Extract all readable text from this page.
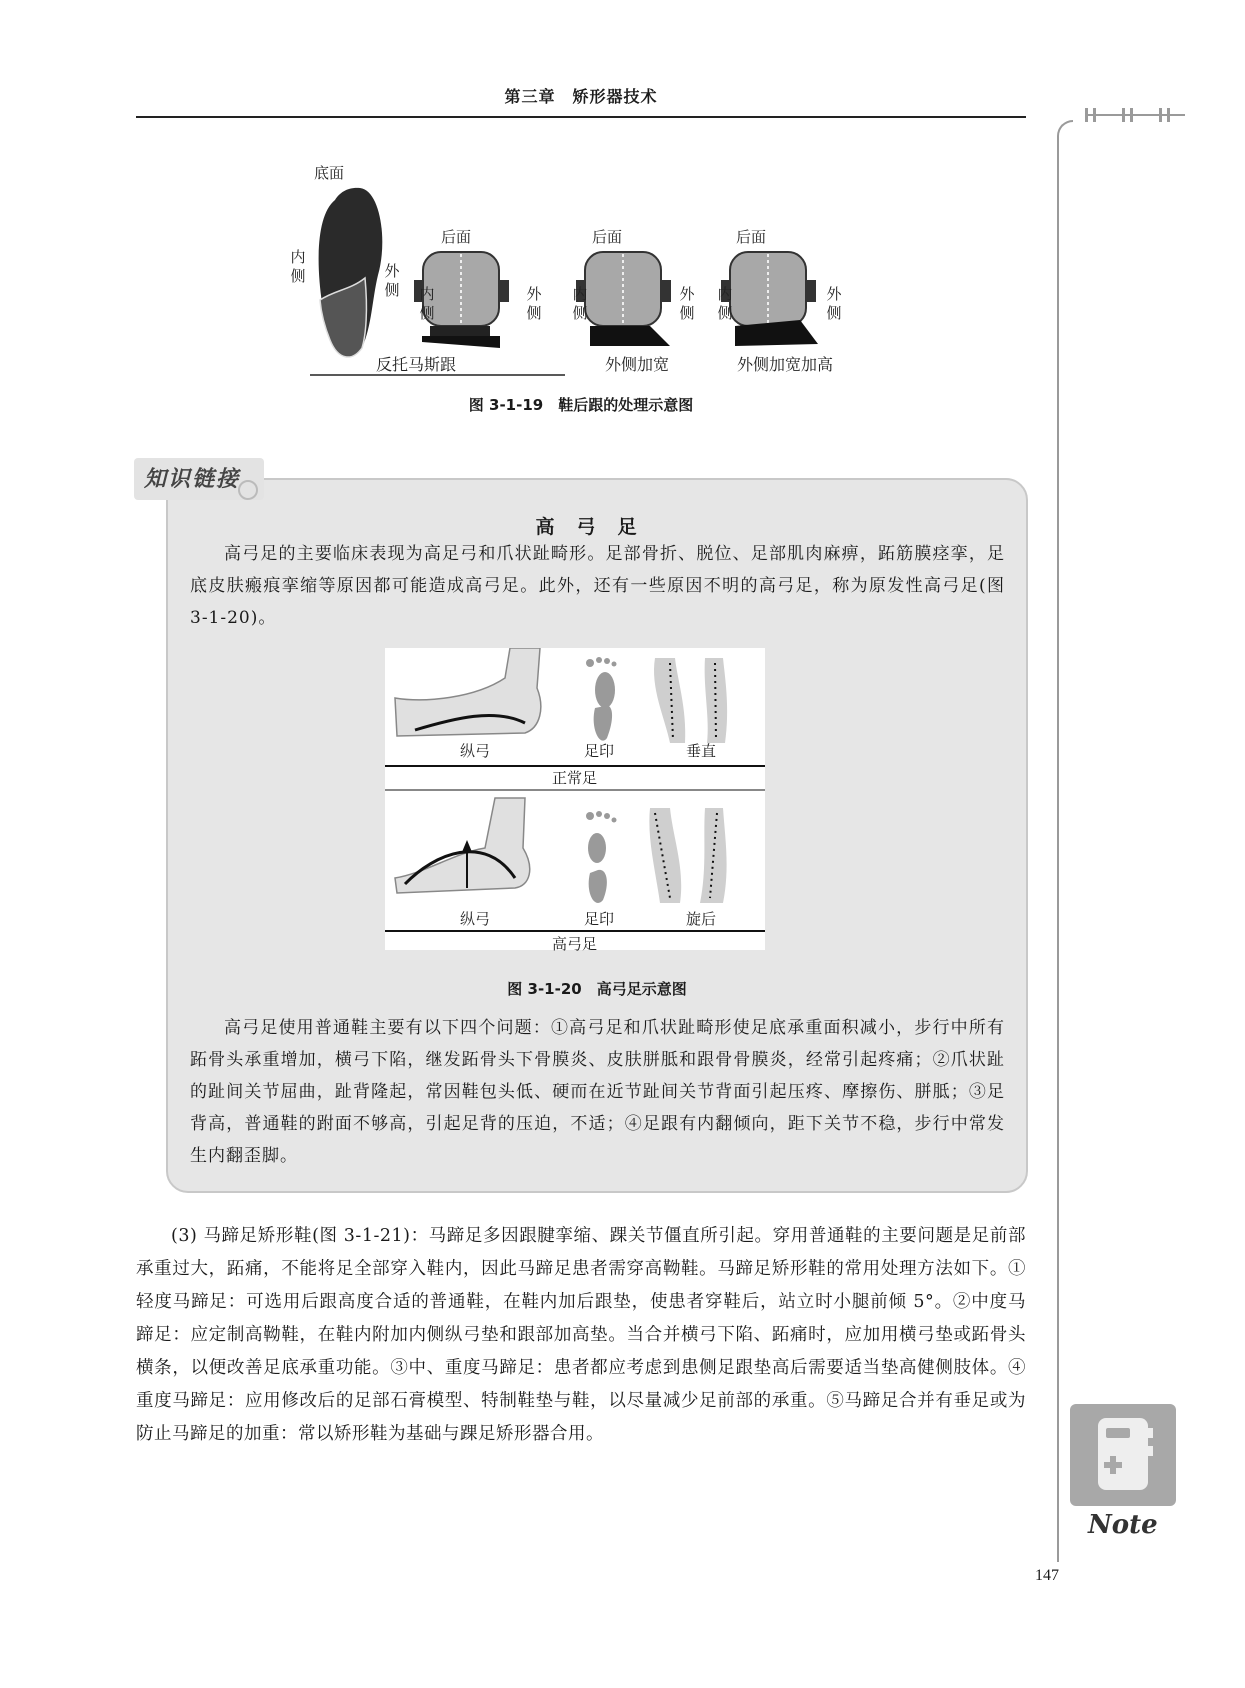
第三章　矫形器技术
底面
后面	后面	后面
内侧	外侧 内侧
外侧
内侧
外侧
内侧
外侧
反托马斯跟	外侧加宽	外侧加宽加高
图 3-1-19　鞋后跟的处理示意图
知识链接
高弓足

高弓足的主要临床表现为高足弓和爪状趾畸形。足部骨折、脱位、足部肌肉麻痹，跖筋膜痉挛，足底皮肤瘢痕挛缩等原因都可能造成高弓足。此外，还有一些原因不明的高弓足，称为原发性高弓足(图 3-1-20)。

纵弓	足印	垂直
正常足
纵弓	足印	旋后
高弓足
图 3-1-20　高弓足示意图

高弓足使用普通鞋主要有以下四个问题：①高弓足和爪状趾畸形使足底承重面积减小，步行中所有跖骨头承重增加，横弓下陷，继发跖骨头下骨膜炎、皮肤胼胝和跟骨骨膜炎，经常引起疼痛；②爪状趾的趾间关节屈曲，趾背隆起，常因鞋包头低、硬而在近节趾间关节背面引起压疼、摩擦伤、胼胝；③足背高，普通鞋的跗面不够高，引起足背的压迫，不适；④足跟有内翻倾向，距下关节不稳，步行中常发生内翻歪脚。

(3) 马蹄足矫形鞋(图 3-1-21)：马蹄足多因跟腱挛缩、踝关节僵直所引起。穿用普通鞋的主要问题是足前部承重过大，跖痛，不能将足全部穿入鞋内，因此马蹄足患者需穿高靿鞋。马蹄足矫形鞋的常用处理方法如下。①轻度马蹄足：可选用后跟高度合适的普通鞋，在鞋内加后跟垫，使患者穿鞋后，站立时小腿前倾 5°。②中度马蹄足：应定制高靿鞋，在鞋内附加内侧纵弓垫和跟部加高垫。当合并横弓下陷、跖痛时，应加用横弓垫或跖骨头横条，以便改善足底承重功能。③中、重度马蹄足：患者都应考虑到患侧足跟垫高后需要适当垫高健侧肢体。④重度马蹄足：应用修改后的足部石膏模型、特制鞋垫与鞋，以尽量减少足前部的承重。⑤马蹄足合并有垂足或为防止马蹄足的加重：常以矫形鞋为基础与踝足矫形器合用。

Note
147
